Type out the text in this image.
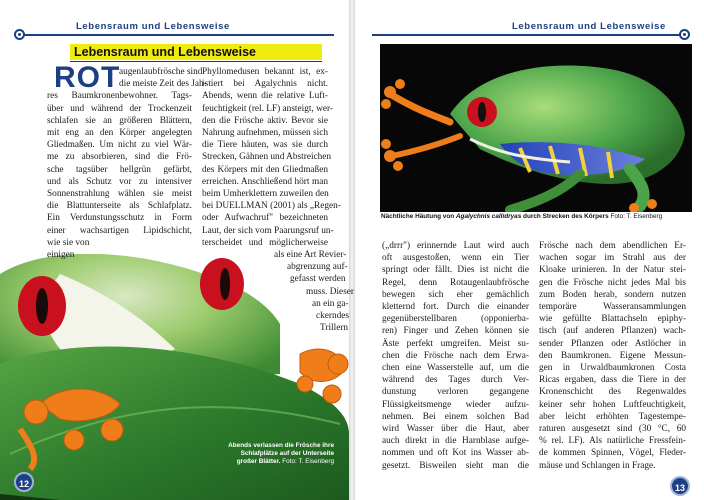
Lebensraum und Lebensweise	Lebensraum und Lebensweise
Lebensraum und Lebensweise
ROT
augenlaubfrösche sind
die meiste Zeit des Jah-
res Baumkronenbewohner. Tags-
über und während der Trockenzeit
schlafen sie an größeren Blättern,
mit eng an den Körper angelegten
Gliedmaßen. Um nicht zu viel Wär-
me zu absorbieren, sind die Frö-
sche tagsüber hellgrün gefärbt,
und als Schutz vor zu intensiver
Sonnenstrahlung wählen sie meist
die Blattunterseite als Schlafplatz.
Ein Verdunstungsschutz in Form
einer wachsartigen Lipidschicht,
wie sie von
einigen
Phyllomedusen bekannt ist, ex-
istiert bei Agalychnis nicht.
Abends, wenn die relative Luft-
feuchtigkeit (rel. LF) ansteigt, wer-
den die Frösche aktiv. Bevor sie
Nahrung aufnehmen, müssen sich
die Tiere häuten, was sie durch
Strecken, Gähnen und Abstreichen
des Körpers mit den Gliedmaßen
erreichen. Anschließend hört man
beim Umherklettern zuweilen den
bei DUELLMAN (2001) als „Regen-
oder Aufwachruf" bezeichneten
Laut, der sich vom Paarungsruf un-
terscheidet und möglicherweise
als eine Art Revier-
abgrenzung auf-
gefasst werden
muss. Dieser
an ein ga-
ckerndes
Trillern
Abends verlassen die Frösche ihre Schlafplätze auf der Unterseite großer Blätter. Foto: T. Eisenberg
12
Nächtliche Häutung von Agalychnis callidryas durch Strecken des Körpers Foto: T. Eisenberg
(„drrr") erinnernde Laut wird auch
oft ausgestoßen, wenn ein Tier
springt oder fällt. Dies ist nicht die
Regel, denn Rotaugenlaubfrösche
bewegen sich eher gemächlich
kletternd fort. Durch die einander
gegenüberstellbaren (opponierba-
ren) Finger und Zehen können sie
Äste perfekt umgreifen. Meist su-
chen die Frösche nach dem Erwa-
chen eine Wasserstelle auf, um die
während des Tages durch Ver-
dunstung verloren gegangene
Flüssigkeitsmenge wieder aufzu-
nehmen. Bei einem solchen Bad
wird Wasser über die Haut, aber
auch direkt in die Harnblase aufge-
nommen und oft Kot ins Wasser ab-
gesetzt. Bisweilen sieht man die
Frösche nach dem abendlichen Er-
wachen sogar im Strahl aus der
Kloake urinieren. In der Natur stei-
gen die Frösche nicht jedes Mal bis
zum Boden herab, sondern nutzen
temporäre Wasseransammlungen
wie gefüllte Blattachseln epiphy-
tisch (auf anderen Pflanzen) wach-
sender Pflanzen oder Astlöcher in
den Baumkronen. Eigene Messun-
gen in Urwaldbaumkronen Costa
Ricas ergaben, dass die Tiere in der
Kronenschicht des Regenwaldes
keiner sehr hohen Luftfeuchtigkeit,
aber leicht erhöhten Tagestempe-
raturen ausgesetzt sind (30 °C, 60
% rel. LF). Als natürliche Fressfein-
de kommen Spinnen, Vögel, Fleder-
mäuse und Schlangen in Frage.
13
